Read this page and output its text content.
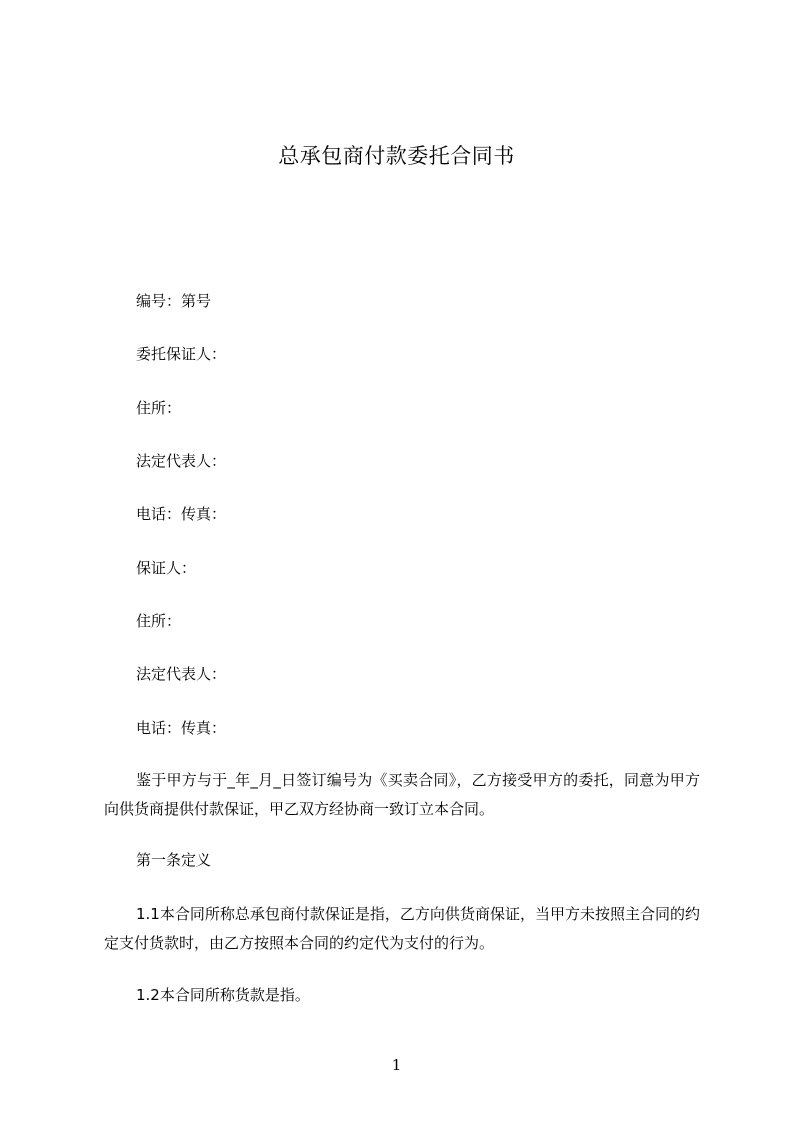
总承包商付款委托合同书
编号：第号
委托保证人：
住所：
法定代表人：
电话：传真：
保证人：
住所：
法定代表人：
电话：传真：
鉴于甲方与于_年_月_日签订编号为《买卖合同》，乙方接受甲方的委托，同意为甲方向供货商提供付款保证，甲乙双方经协商一致订立本合同。
第一条定义
1.1本合同所称总承包商付款保证是指，乙方向供货商保证，当甲方未按照主合同的约定支付货款时，由乙方按照本合同的约定代为支付的行为。
1.2本合同所称货款是指。
1
